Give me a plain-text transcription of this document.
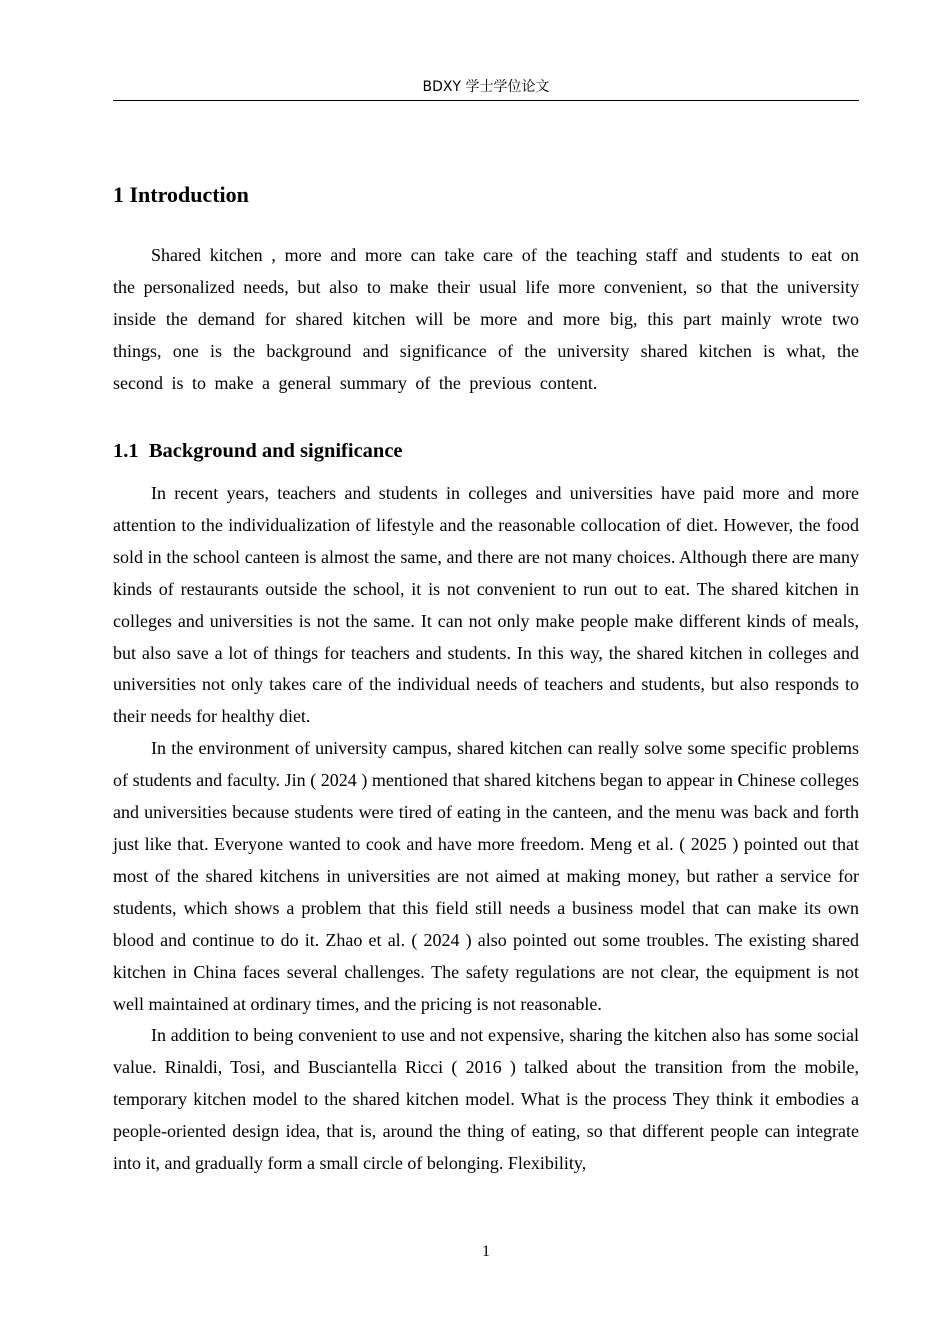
BDXY 学士学位论文
1 Introduction

Shared kitchen , more and more can take care of the teaching staff and students to eat on the personalized needs, but also to make their usual life more convenient, so that the university inside the demand for shared kitchen will be more and more big, this part mainly wrote two things, one is the background and significance of the university shared kitchen is what, the second is to make a general summary of the previous content.

1.1  Background and significance

In recent years, teachers and students in colleges and universities have paid more and more attention to the individualization of lifestyle and the reasonable collocation of diet. However, the food sold in the school canteen is almost the same, and there are not many choices. Although there are many kinds of restaurants outside the school, it is not convenient to run out to eat. The shared kitchen in colleges and universities is not the same. It can not only make people make different kinds of meals, but also save a lot of things for teachers and students. In this way, the shared kitchen in colleges and universities not only takes care of the individual needs of teachers and students, but also responds to their needs for healthy diet.

In the environment of university campus, shared kitchen can really solve some specific problems of students and faculty. Jin ( 2024 ) mentioned that shared kitchens began to appear in Chinese colleges and universities because students were tired of eating in the canteen, and the menu was back and forth just like that. Everyone wanted to cook and have more freedom. Meng et al. ( 2025 ) pointed out that most of the shared kitchens in universities are not aimed at making money, but rather a service for students, which shows a problem that this field still needs a business model that can make its own blood and continue to do it. Zhao et al. ( 2024 ) also pointed out some troubles. The existing shared kitchen in China faces several challenges. The safety regulations are not clear, the equipment is not well maintained at ordinary times, and the pricing is not reasonable.

In addition to being convenient to use and not expensive, sharing the kitchen also has some social value. Rinaldi, Tosi, and Busciantella Ricci ( 2016 ) talked about the transition from the mobile, temporary kitchen model to the shared kitchen model. What is the process They think it embodies a people-oriented design idea, that is, around the thing of eating, so that different people can integrate into it, and gradually form a small circle of belonging. Flexibility,

1
